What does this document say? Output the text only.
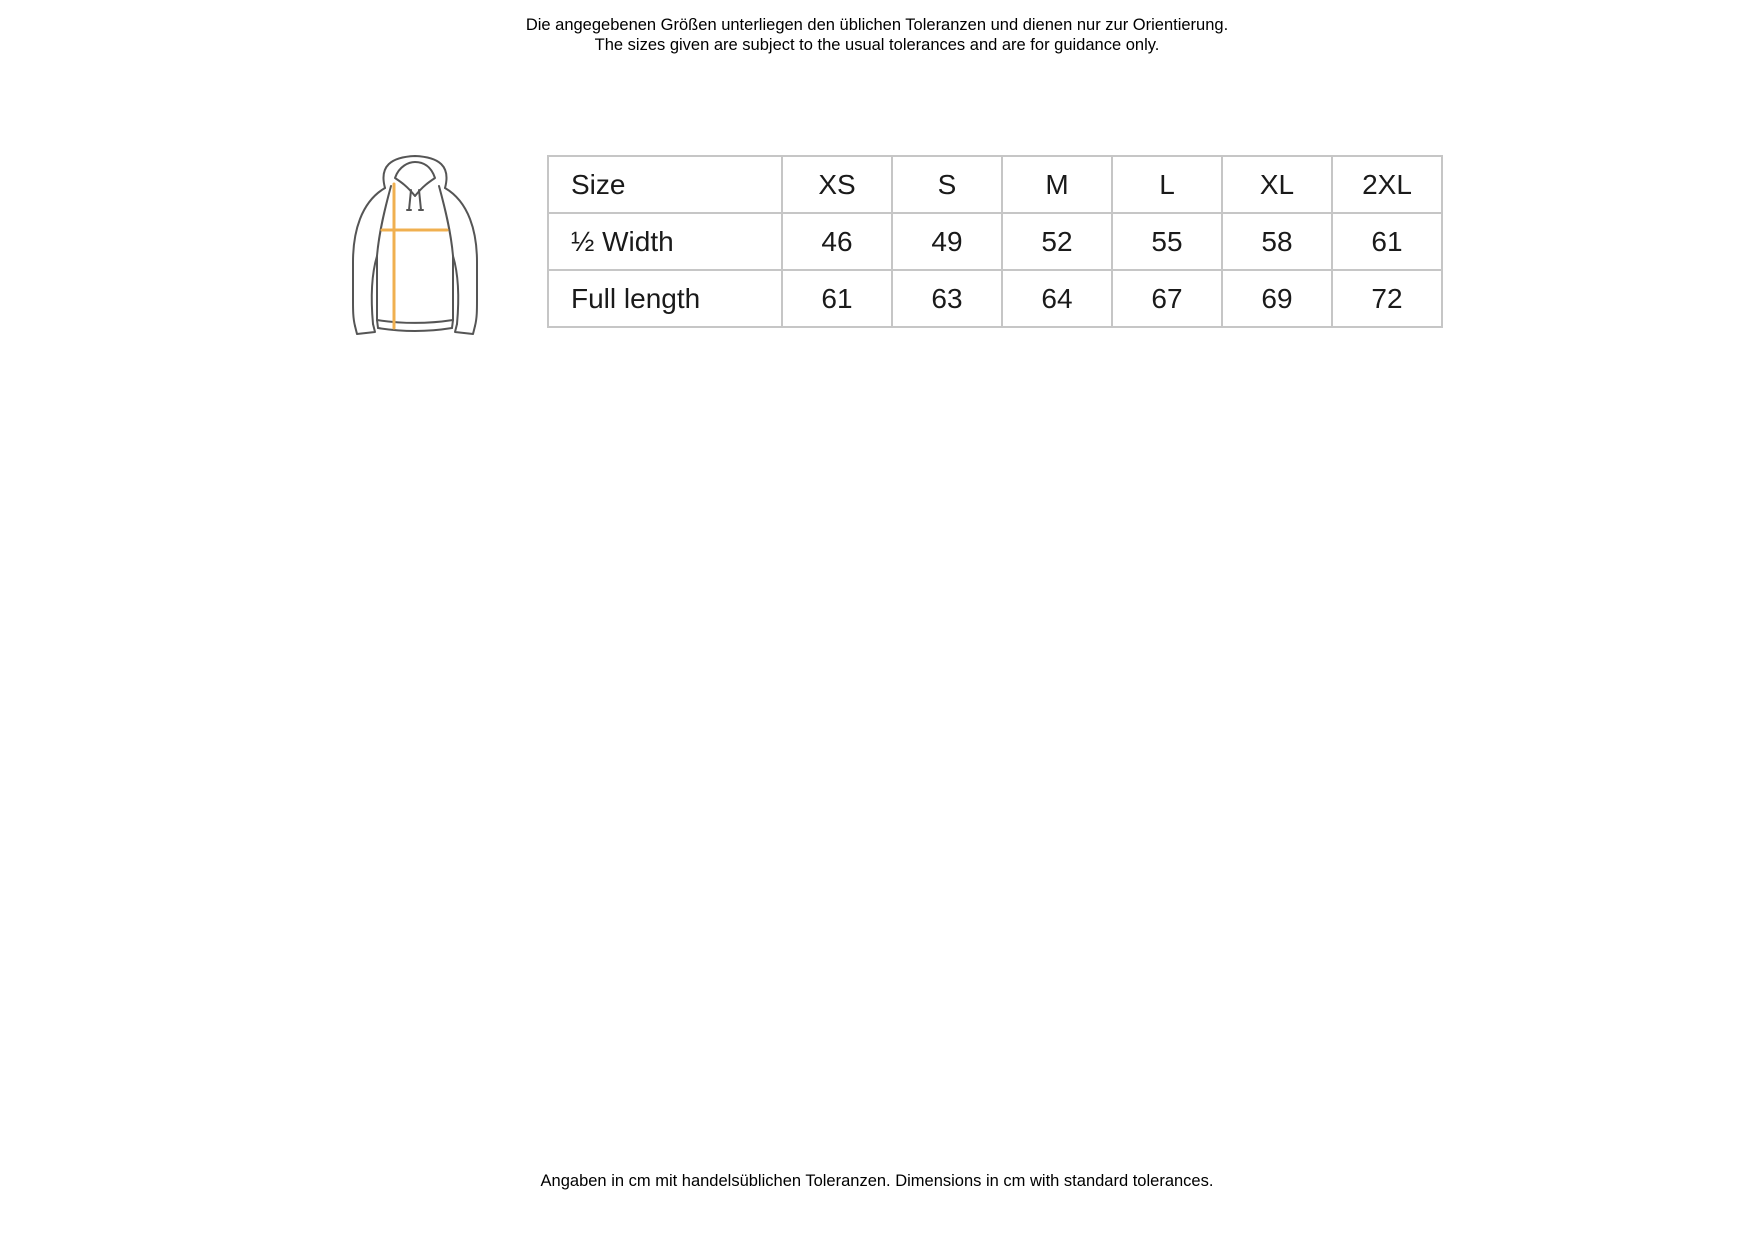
Die angegebenen Größen unterliegen den üblichen Toleranzen und dienen nur zur Orientierung.
The sizes given are subject to the usual tolerances and are for guidance only.
Size	XS	S	M	L	XL	2XL
½ Width	46	49	52	55	58	61
Full length	61	63	64	67	69	72
Angaben in cm mit handelsüblichen Toleranzen. Dimensions in cm with standard tolerances.
